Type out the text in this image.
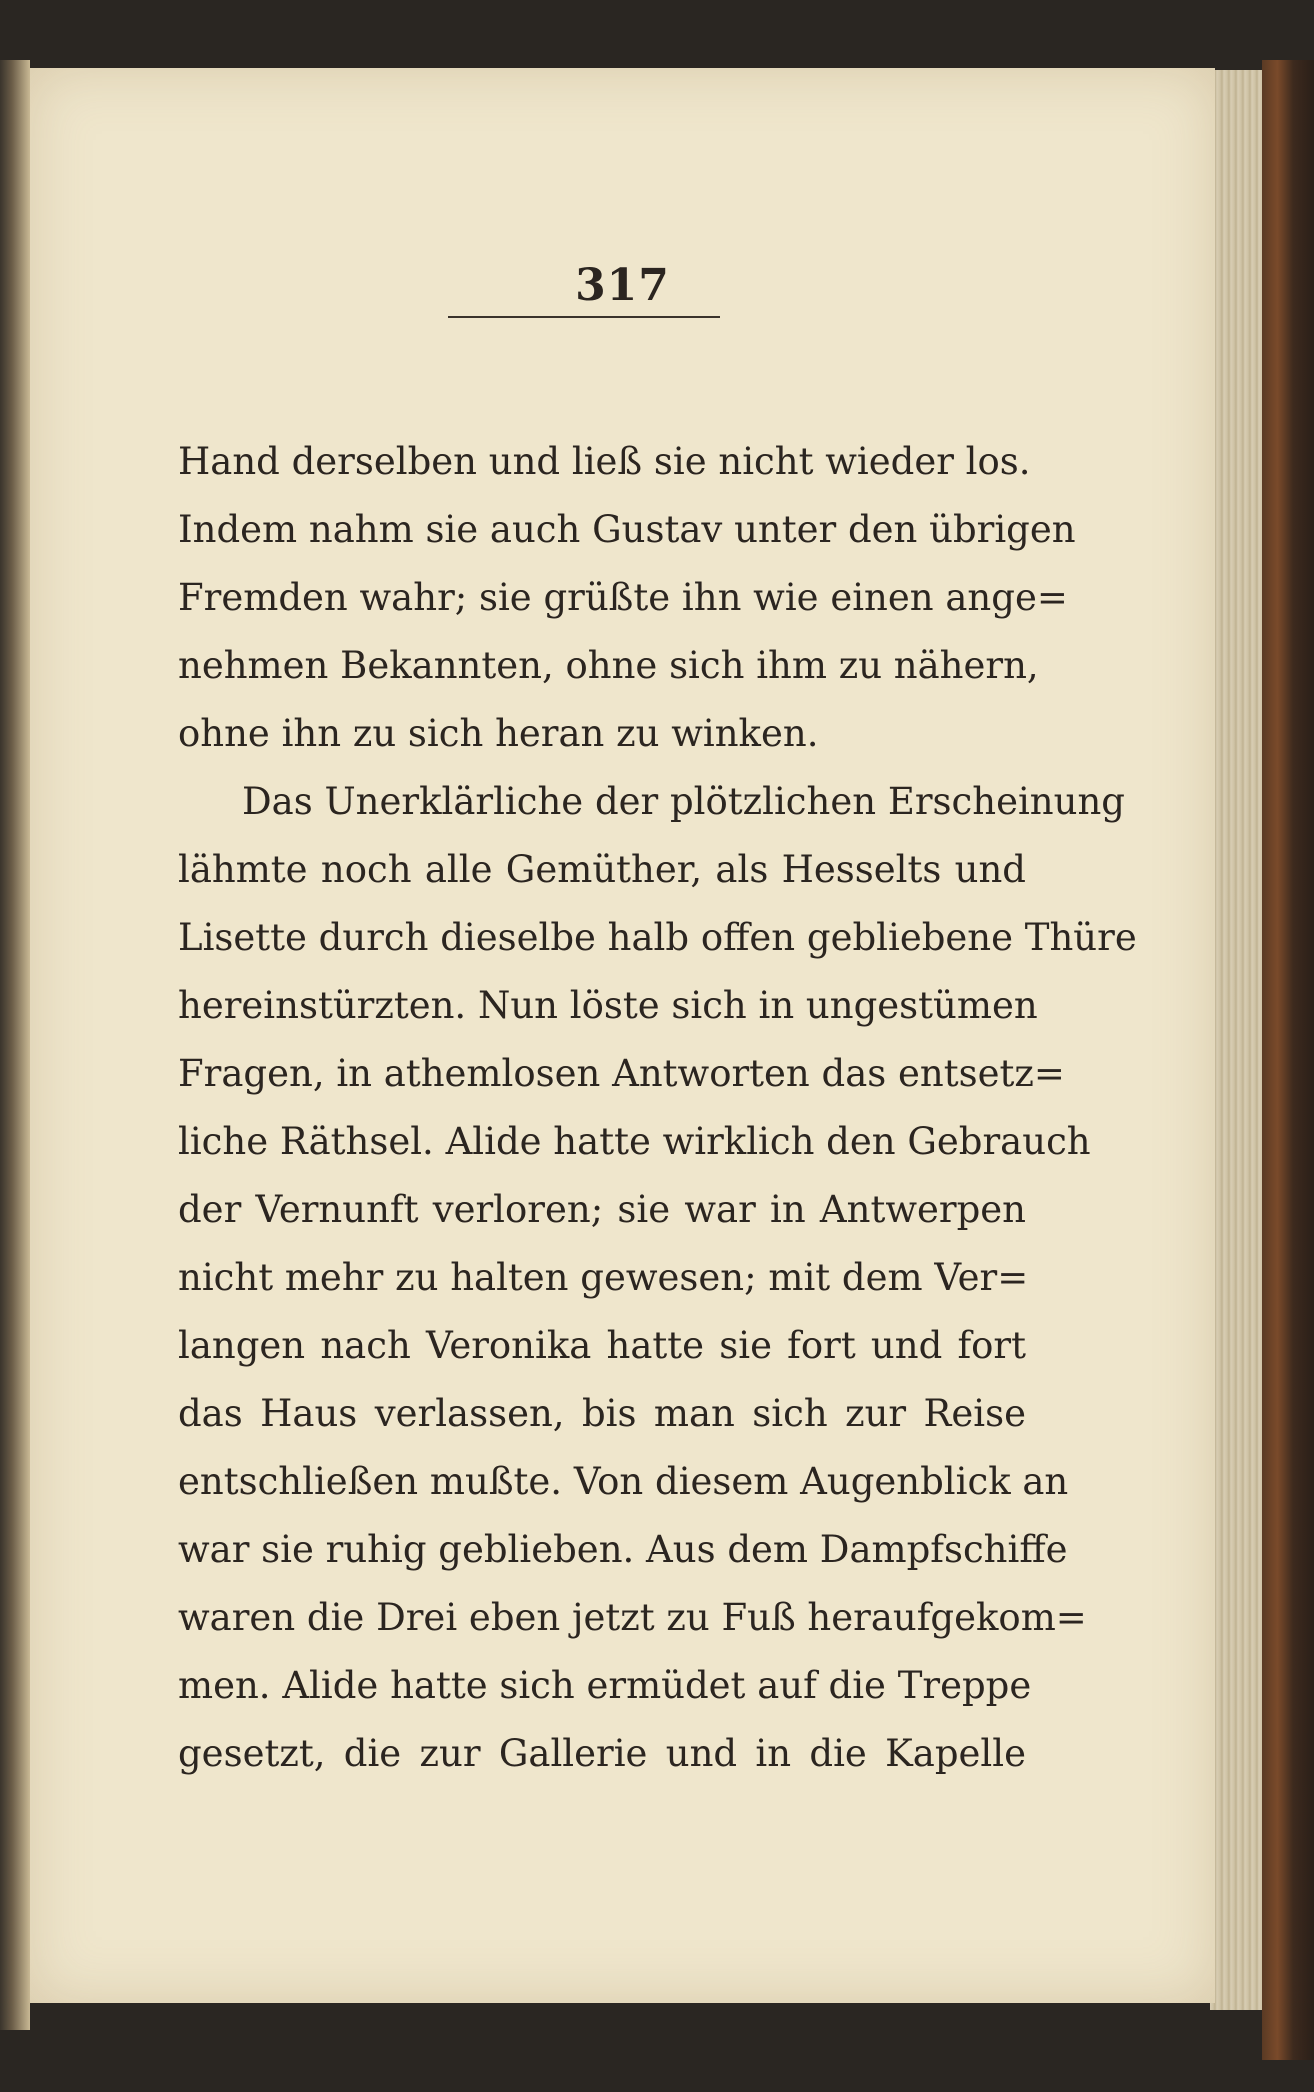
317
Hand derselben und ließ sie nicht wieder los.
Indem nahm sie auch Gustav unter den übrigen
Fremden wahr; sie grüßte ihn wie einen ange=
nehmen Bekannten, ohne sich ihm zu nähern,
ohne ihn zu sich heran zu winken.
Das Unerklärliche der plötzlichen Erscheinung
lähmte noch alle Gemüther, als Hesselts und
Lisette durch dieselbe halb offen gebliebene Thüre
hereinstürzten. Nun löste sich in ungestümen
Fragen, in athemlosen Antworten das entsetz=
liche Räthsel. Alide hatte wirklich den Gebrauch
der Vernunft verloren; sie war in Antwerpen
nicht mehr zu halten gewesen; mit dem Ver=
langen nach Veronika hatte sie fort und fort
das Haus verlassen, bis man sich zur Reise
entschließen mußte. Von diesem Augenblick an
war sie ruhig geblieben. Aus dem Dampfschiffe
waren die Drei eben jetzt zu Fuß heraufgekom=
men. Alide hatte sich ermüdet auf die Treppe
gesetzt, die zur Gallerie und in die Kapelle
